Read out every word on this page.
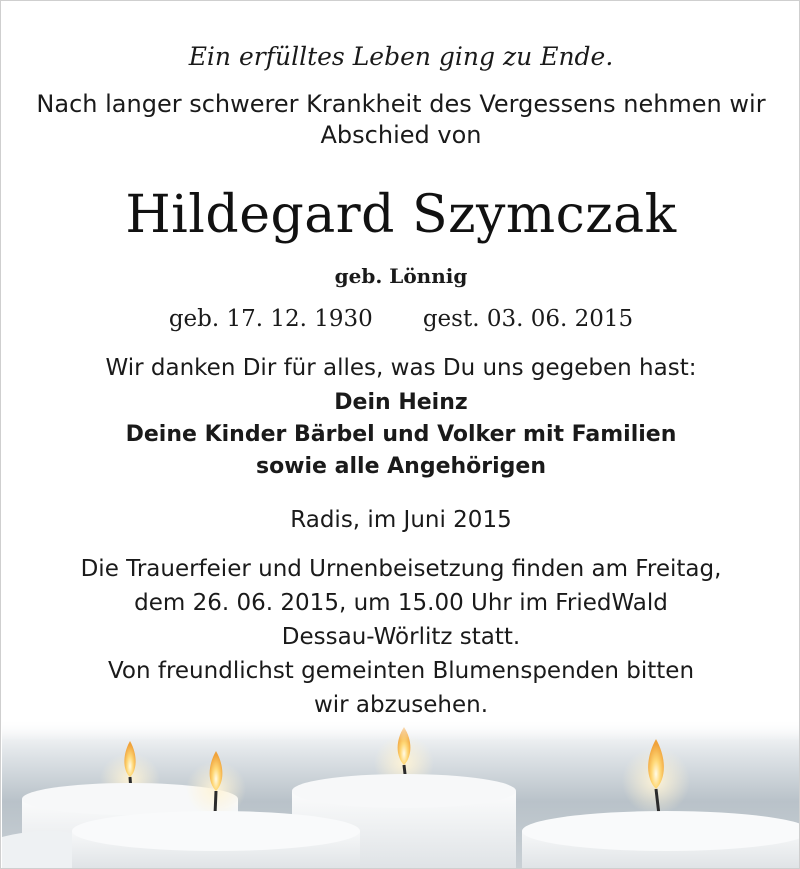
Ein erfülltes Leben ging zu Ende.

Nach langer schwerer Krankheit des Vergessens nehmen wir
Abschied von
Hildegard Szymczak

geb. Lönnig

geb. 17. 12. 1930 gest. 03. 06. 2015

Wir danken Dir für alles, was Du uns gegeben hast:

Dein Heinz
Deine Kinder Bärbel und Volker mit Familien
sowie alle Angehörigen

Radis, im Juni 2015

Die Trauerfeier und Urnenbeisetzung finden am Freitag,
dem 26. 06. 2015, um 15.00 Uhr im FriedWald
Dessau-Wörlitz statt.
Von freundlichst gemeinten Blumenspenden bitten
wir abzusehen.
